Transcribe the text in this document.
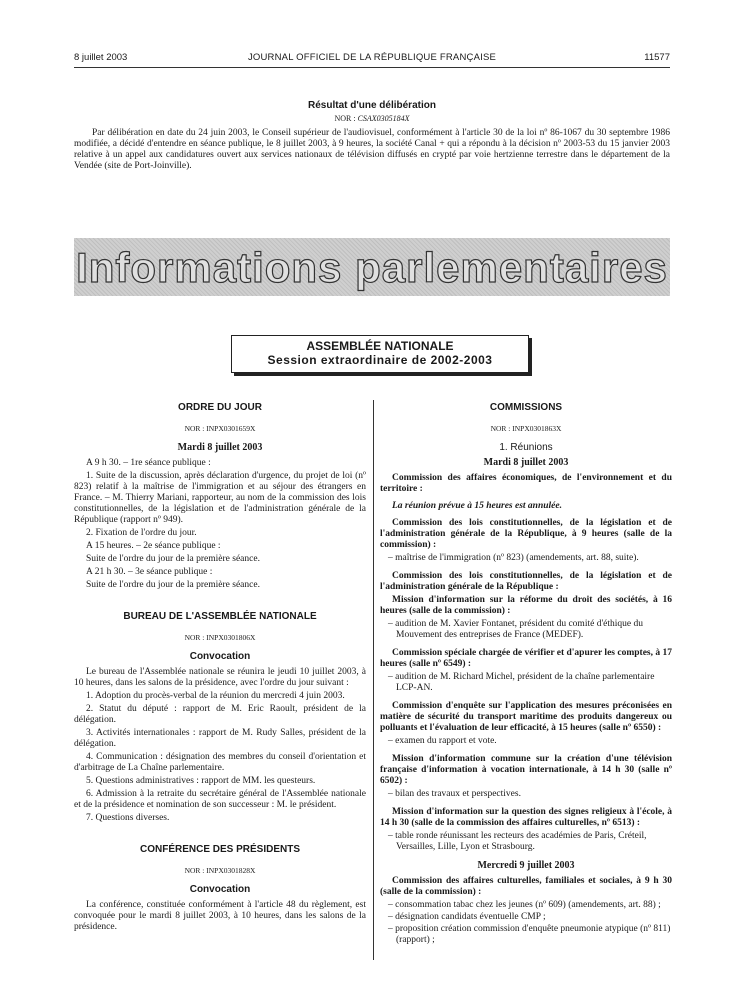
8 juillet 2003	JOURNAL OFFICIEL DE LA RÉPUBLIQUE FRANÇAISE	11577
Résultat d'une délibération
NOR : CSAX0305184X
Par délibération en date du 24 juin 2003, le Conseil supérieur de l'audiovisuel, conformément à l'article 30 de la loi nº 86-1067 du 30 septembre 1986 modifiée, a décidé d'entendre en séance publique, le 8 juillet 2003, à 9 heures, la société Canal + qui a répondu à la décision nº 2003-53 du 15 janvier 2003 relative à un appel aux candidatures ouvert aux services nationaux de télévision diffusés en crypté par voie hertzienne terrestre dans le département de la Vendée (site de Port-Joinville).
Informations parlementaires
ASSEMBLÉE NATIONALE
Session extraordinaire de 2002-2003
ORDRE DU JOUR
NOR : INPX0301659X
Mardi 8 juillet 2003

A 9 h 30. – 1re séance publique :

1. Suite de la discussion, après déclaration d'urgence, du projet de loi (nº 823) relatif à la maîtrise de l'immigration et au séjour des étrangers en France. – M. Thierry Mariani, rapporteur, au nom de la commission des lois constitutionnelles, de la législation et de l'administration générale de la République (rapport nº 949).

2. Fixation de l'ordre du jour.

A 15 heures. – 2e séance publique :

Suite de l'ordre du jour de la première séance.

A 21 h 30. – 3e séance publique :

Suite de l'ordre du jour de la première séance.

BUREAU DE L'ASSEMBLÉE NATIONALE
NOR : INPX0301806X
Convocation

Le bureau de l'Assemblée nationale se réunira le jeudi 10 juillet 2003, à 10 heures, dans les salons de la présidence, avec l'ordre du jour suivant :

1. Adoption du procès-verbal de la réunion du mercredi 4 juin 2003.

2. Statut du député : rapport de M. Eric Raoult, président de la délégation.

3. Activités internationales : rapport de M. Rudy Salles, président de la délégation.

4. Communication : désignation des membres du conseil d'orientation et d'arbitrage de La Chaîne parlementaire.

5. Questions administratives : rapport de MM. les questeurs.

6. Admission à la retraite du secrétaire général de l'Assemblée nationale et de la présidence et nomination de son successeur : M. le président.

7. Questions diverses.

CONFÉRENCE DES PRÉSIDENTS
NOR : INPX0301828X
Convocation

La conférence, constituée conformément à l'article 48 du règlement, est convoquée pour le mardi 8 juillet 2003, à 10 heures, dans les salons de la présidence.

COMMISSIONS
NOR : INPX0301863X
1. Réunions
Mardi 8 juillet 2003

Commission des affaires économiques, de l'environnement et du territoire :

La réunion prévue à 15 heures est annulée.

Commission des lois constitutionnelles, de la législation et de l'administration générale de la République, à 9 heures (salle de la commission) :

– maîtrise de l'immigration (nº 823) (amendements, art. 88, suite).

Commission des lois constitutionnelles, de la législation et de l'administration générale de la République :

Mission d'information sur la réforme du droit des sociétés, à 16 heures (salle de la commission) :

– audition de M. Xavier Fontanet, président du comité d'éthique du Mouvement des entreprises de France (MEDEF).

Commission spéciale chargée de vérifier et d'apurer les comptes, à 17 heures (salle nº 6549) :

– audition de M. Richard Michel, président de la chaîne parlementaire LCP-AN.

Commission d'enquête sur l'application des mesures préconisées en matière de sécurité du transport maritime des produits dangereux ou polluants et l'évaluation de leur efficacité, à 15 heures (salle nº 6550) :

– examen du rapport et vote.

Mission d'information commune sur la création d'une télévision française d'information à vocation internationale, à 14 h 30 (salle nº 6502) :

– bilan des travaux et perspectives.

Mission d'information sur la question des signes religieux à l'école, à 14 h 30 (salle de la commission des affaires culturelles, nº 6513) :

– table ronde réunissant les recteurs des académies de Paris, Créteil, Versailles, Lille, Lyon et Strasbourg.
Mercredi 9 juillet 2003

Commission des affaires culturelles, familiales et sociales, à 9 h 30 (salle de la commission) :

– consommation tabac chez les jeunes (nº 609) (amendements, art. 88) ;
– désignation candidats éventuelle CMP ;
– proposition création commission d'enquête pneumonie atypique (nº 811) (rapport) ;
